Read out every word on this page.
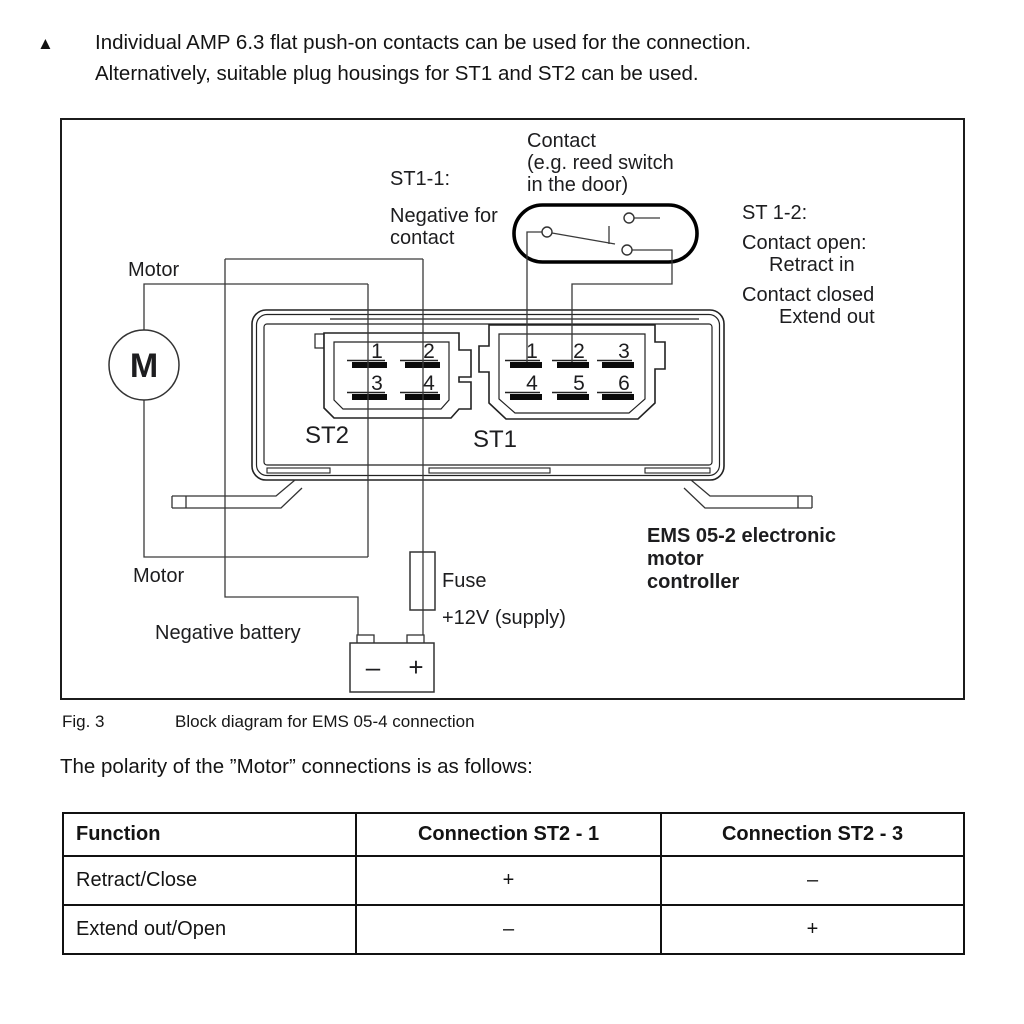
▲ Individual AMP 6.3 flat push-on contacts can be used for the connection.
Alternatively, suitable plug housings for ST1 and ST2 can be used.
1 2
3 4
1 2 3
4 5 6
M
– +
Contact
(e.g. reed switch
in the door)
ST1-1:
Negative for
contact
ST 1-2:
Contact open:
Retract in
Contact closed
Extend out
Motor
Motor
Negative battery
Fuse
+12V (supply)
ST2	ST1
EMS 05-2 electronic
motor
controller
Fig. 3	Block diagram for EMS 05-4 connection
The polarity of the ”Motor” connections is as follows:
Function	Connection ST2 - 1	Connection ST2 - 3
Retract/Close	+	–
Extend out/Open	–	+
